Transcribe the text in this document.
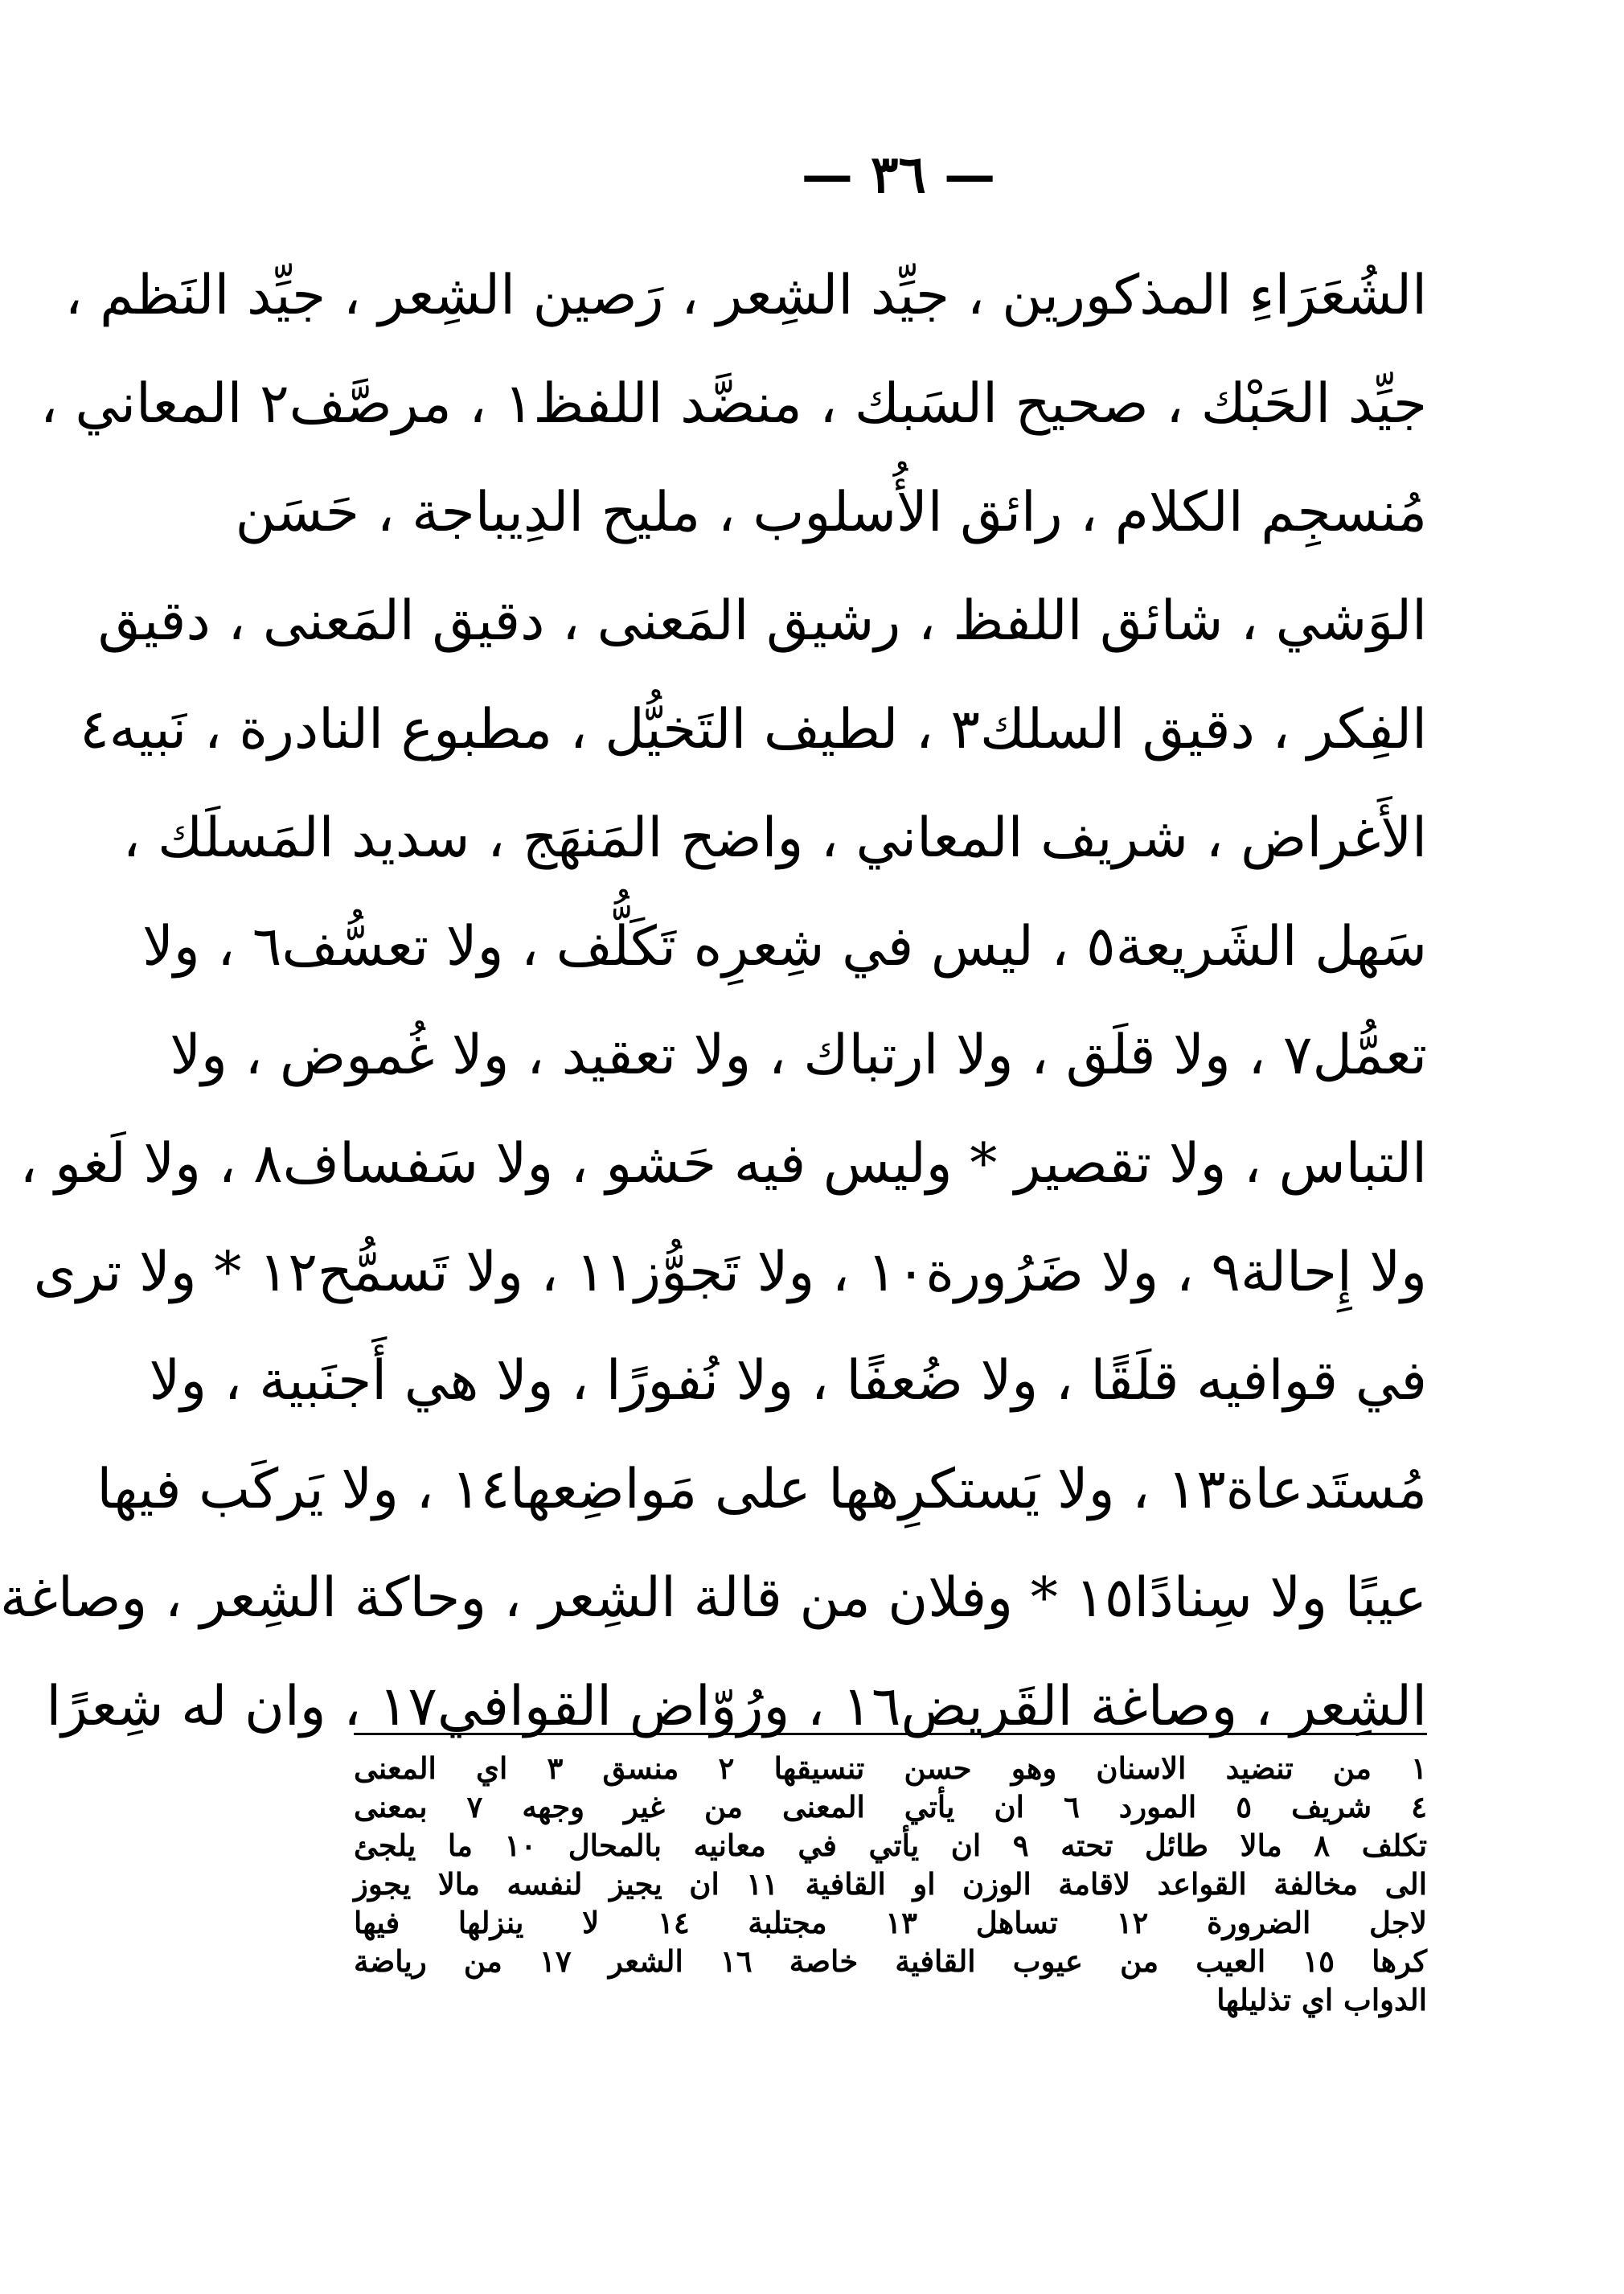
— ٣٦ —
الشُعَرَاءِ المذكورين ، جيِّد الشِعر ، رَصين الشِعر ، جيِّد النَظم ،
جيِّد الحَبْك ، صحيح السَبك ، منضَّد اللفظ١ ، مرصَّف٢ المعاني ،
مُنسجِم الكلام ، رائق الأُسلوب ، مليح الدِيباجة ، حَسَن
الوَشي ، شائق اللفظ ، رشيق المَعنى ، دقيق المَعنى ، دقيق
الفِكر ، دقيق السلك٣ ، لطيف التَخيُّل ، مطبوع النادرة ، نَبيه٤
الأَغراض ، شريف المعاني ، واضح المَنهَج ، سديد المَسلَك ،
سَهل الشَريعة٥ ، ليس في شِعرِه تَكَلُّف ، ولا تعسُّف٦ ، ولا
تعمُّل٧ ، ولا قلَق ، ولا ارتباك ، ولا تعقيد ، ولا غُموض ، ولا
التباس ، ولا تقصير * وليس فيه حَشو ، ولا سَفساف٨ ، ولا لَغو ،
ولا إِحالة٩ ، ولا ضَرُورة١٠ ، ولا تَجوُّز١١ ، ولا تَسمُّح١٢ * ولا ترى
في قوافيه قلَقًا ، ولا ضُعفًا ، ولا نُفورًا ، ولا هي أَجنَبية ، ولا
مُستَدعاة١٣ ، ولا يَستكرِهها على مَواضِعها١٤ ، ولا يَركَب فيها
عيبًا ولا سِنادًا١٥ * وفلان من قالة الشِعر ، وحاكة الشِعر ، وصاغة
الشِعر ، وصاغة القَريض١٦ ، ورُوّاض القوافي١٧ ، وان له شِعرًا
١ من تنضيد الاسنان وهو حسن تنسيقها ٢ منسق ٣ اي المعنى
٤ شريف ٥ المورد ٦ ان يأتي المعنى من غير وجهه ٧ بمعنى
تكلف ٨ مالا طائل تحته ٩ ان يأتي في معانيه بالمحال ١٠ ما يلجئ
الى مخالفة القواعد لاقامة الوزن او القافية ١١ ان يجيز لنفسه مالا يجوز
لاجل الضرورة ١٢ تساهل ١٣ مجتلبة ١٤ لا ينزلها فيها
كرها ١٥ العيب من عيوب القافية خاصة ١٦ الشعر ١٧ من رياضة
الدواب اي تذليلها
